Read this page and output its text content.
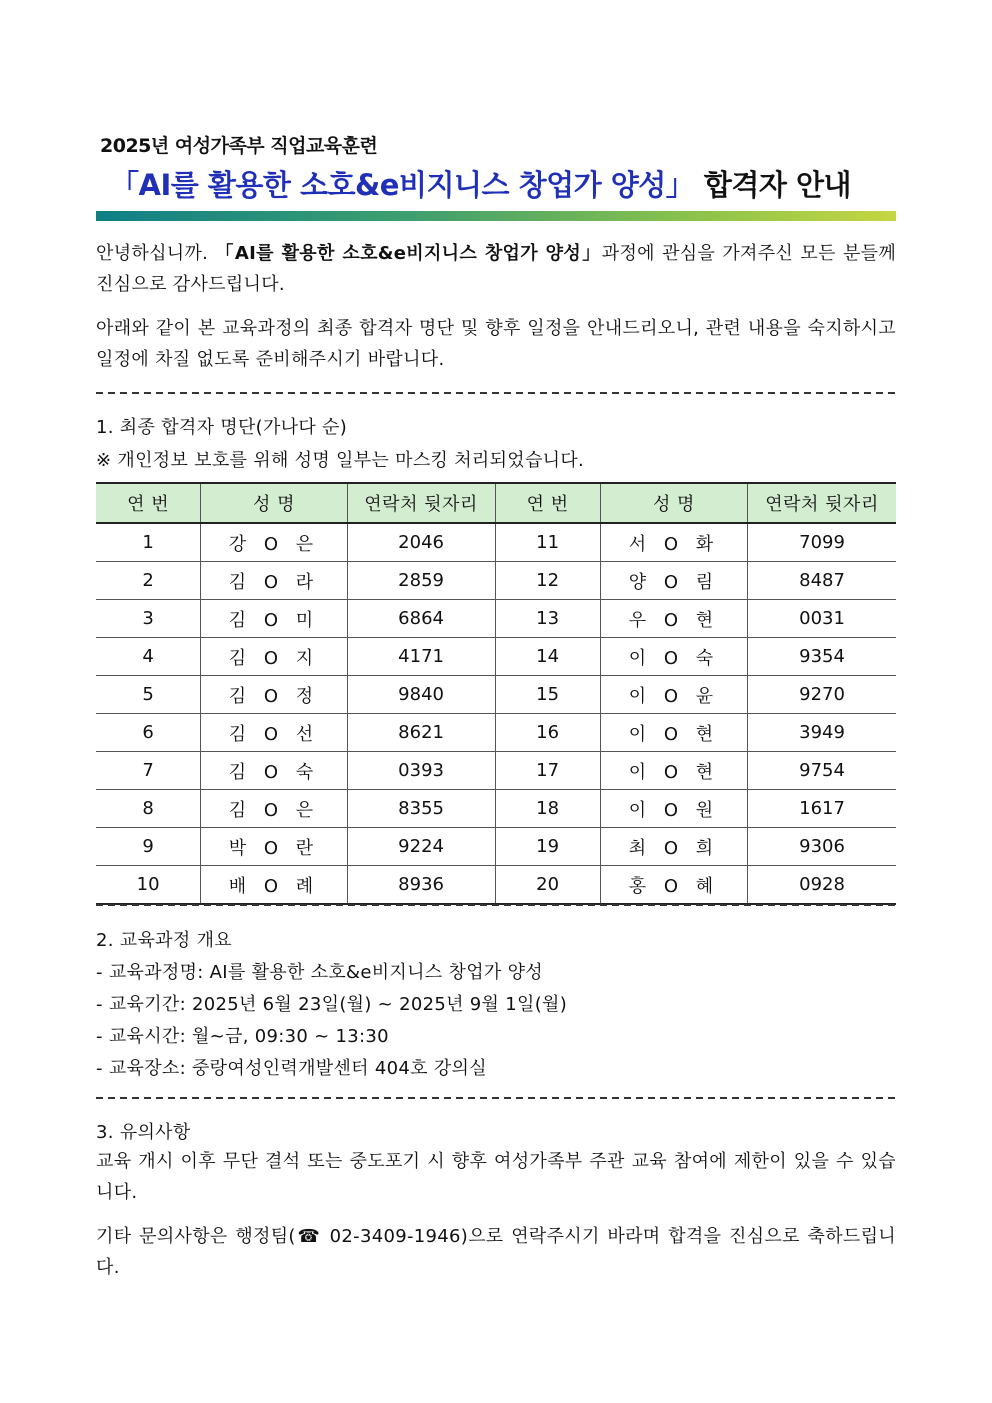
2025년 여성가족부 직업교육훈련
「AI를 활용한 소호&e비지니스 창업가 양성」 합격자 안내
안녕하십니까. 「AI를 활용한 소호&e비지니스 창업가 양성」과정에 관심을 가져주신 모든 분들께 진심으로 감사드립니다.
아래와 같이 본 교육과정의 최종 합격자 명단 및 향후 일정을 안내드리오니, 관련 내용을 숙지하시고 일정에 차질 없도록 준비해주시기 바랍니다.
1. 최종 합격자 명단(가나다 순)
※ 개인정보 보호를 위해 성명 일부는 마스킹 처리되었습니다.
연 번	성 명	연락처 뒷자리	연 번	성 명	연락처 뒷자리
1	강 O 은	2046	11	서 O 화	7099
2	김 O 라	2859	12	양 O 림	8487
3	김 O 미	6864	13	우 O 현	0031
4	김 O 지	4171	14	이 O 숙	9354
5	김 O 정	9840	15	이 O 윤	9270
6	김 O 선	8621	16	이 O 현	3949
7	김 O 숙	0393	17	이 O 현	9754
8	김 O 은	8355	18	이 O 원	1617
9	박 O 란	9224	19	최 O 희	9306
10	배 O 례	8936	20	홍 O 혜	0928
2. 교육과정 개요
- 교육과정명: AI를 활용한 소호&e비지니스 창업가 양성
- 교육기간: 2025년 6월 23일(월) ~ 2025년 9월 1일(월)
- 교육시간: 월~금, 09:30 ~ 13:30
- 교육장소: 중랑여성인력개발센터 404호 강의실
3. 유의사항
교육 개시 이후 무단 결석 또는 중도포기 시 향후 여성가족부 주관 교육 참여에 제한이 있을 수 있습니다.
기타 문의사항은 행정팀(☎ 02-3409-1946)으로 연락주시기 바라며 합격을 진심으로 축하드립니다.
